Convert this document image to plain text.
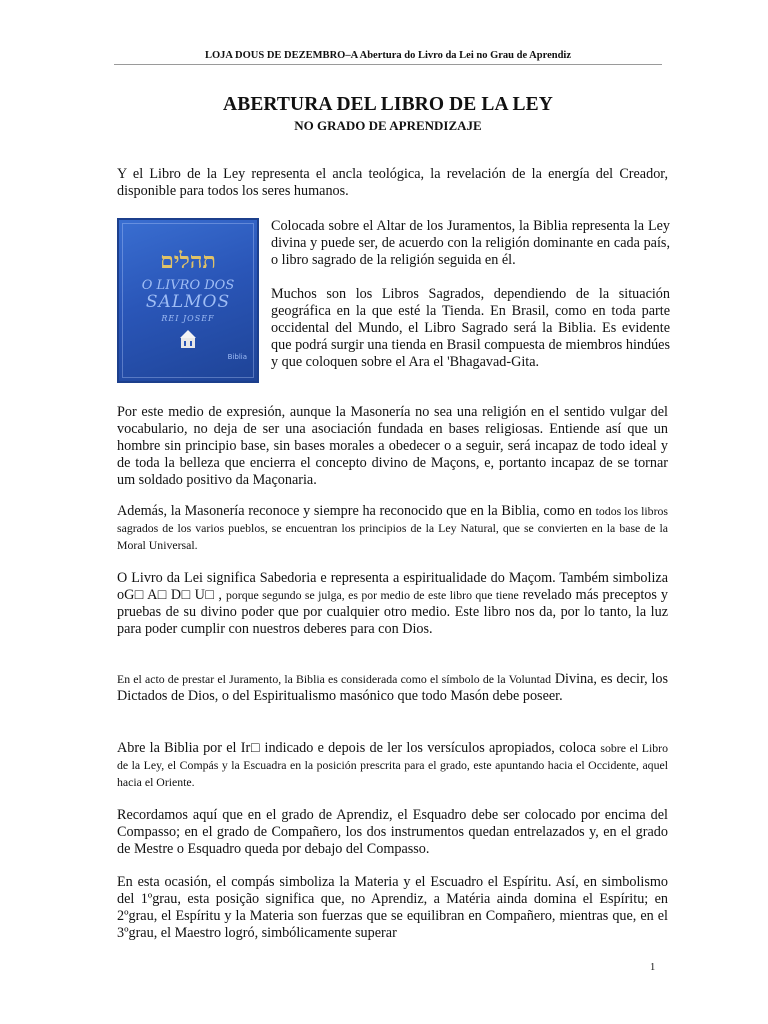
LOJA DOUS DE DEZEMBRO–A Abertura do Livro da Lei no Grau de Aprendiz
ABERTURA DEL LIBRO DE LA LEY
NO GRADO DE APRENDIZAJE
Y el Libro de la Ley representa el ancla teológica, la revelación de la energía del Creador, disponible para todos los seres humanos.
תהלים
O LIVRO DOS
SALMOS
REI JOSEF
Biblia
Colocada sobre el Altar de los Juramentos, la Biblia representa la Ley divina y puede ser, de acuerdo con la religión dominante en cada país, o libro sagrado de la religión seguida en él.
Muchos son los Libros Sagrados, dependiendo de la situación geográfica en la que esté la Tienda. En Brasil, como en toda parte occidental del Mundo, el Libro Sagrado será la Biblia. Es evidente que podrá surgir una tienda en Brasil compuesta de miembros hindúes y que coloquen sobre el Ara el 'Bhagavad-Gita.
Por este medio de expresión, aunque la Masonería no sea una religión en el sentido vulgar del vocabulario, no deja de ser una asociación fundada en bases religiosas. Entiende así que un hombre sin principio base, sin bases morales a obedecer o a seguir, será incapaz de todo ideal y de toda la belleza que encierra el concepto divino de Maçons, e, portanto incapaz de se tornar um soldado positivo da Maçonaria.
Además, la Masonería reconoce y siempre ha reconocido que en la Biblia, como en todos los libros sagrados de los varios pueblos, se encuentran los principios de la Ley Natural, que se convierten en la base de la Moral Universal.
O Livro da Lei significa Sabedoria e representa a espiritualidade do Maçom. Também simboliza oG□ A□ D□ U□ , porque segundo se julga, es por medio de este libro que tiene revelado más preceptos y pruebas de su divino poder que por cualquier otro medio. Este libro nos da, por lo tanto, la luz para poder cumplir con nuestros deberes para con Dios.
En el acto de prestar el Juramento, la Biblia es considerada como el símbolo de la Voluntad Divina, es decir, los Dictados de Dios, o del Espiritualismo masónico que todo Masón debe poseer.
Abre la Biblia por el Ir□ indicado e depois de ler los versículos apropiados, coloca sobre el Libro de la Ley, el Compás y la Escuadra en la posición prescrita para el grado, este apuntando hacia el Occidente, aquel hacia el Oriente.
Recordamos aquí que en el grado de Aprendiz, el Esquadro debe ser colocado por encima del Compasso; en el grado de Compañero, los dos instrumentos quedan entrelazados y, en el grado de Mestre o Esquadro queda por debajo del Compasso.
En esta ocasión, el compás simboliza la Materia y el Escuadro el Espíritu. Así, en simbolismo del 1ºgrau, esta posição significa que, no Aprendiz, a Matéria ainda domina el Espíritu; en 2ºgrau, el Espíritu y la Materia son fuerzas que se equilibran en Compañero, mientras que, en el 3ºgrau, el Maestro logró, simbólicamente superar
1
